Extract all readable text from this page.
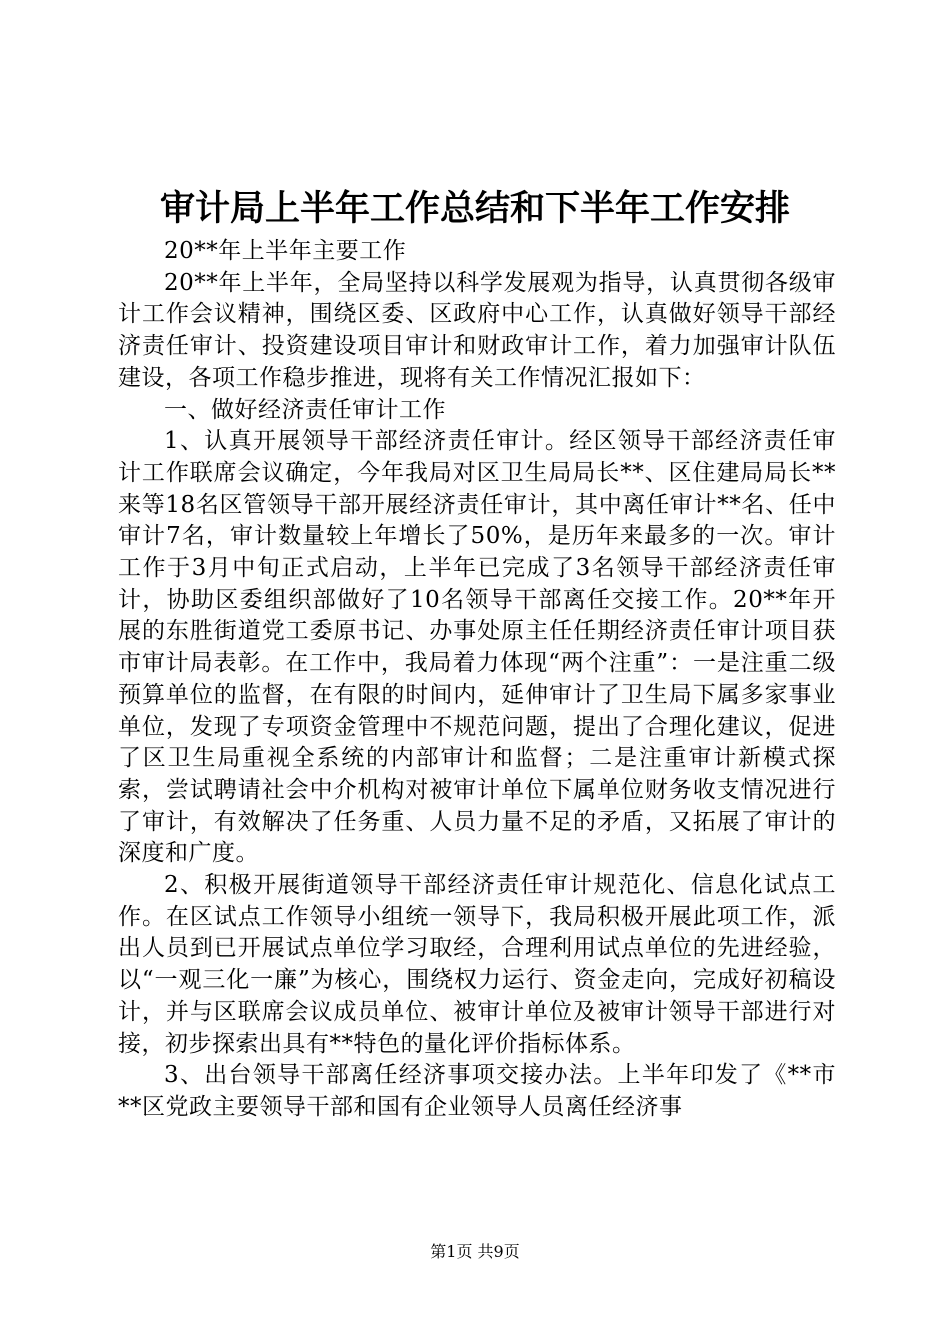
审计局上半年工作总结和下半年工作安排

20**年上半年主要工作

20**年上半年，全局坚持以科学发展观为指导，认真贯彻各级审计工作会议精神，围绕区委、区政府中心工作，认真做好领导干部经济责任审计、投资建设项目审计和财政审计工作，着力加强审计队伍建设，各项工作稳步推进，现将有关工作情况汇报如下：

一、做好经济责任审计工作

1、认真开展领导干部经济责任审计。经区领导干部经济责任审计工作联席会议确定，今年我局对区卫生局局长**、区住建局局长**来等18名区管领导干部开展经济责任审计，其中离任审计**名、任中审计7名，审计数量较上年增长了50%，是历年来最多的一次。审计工作于3月中旬正式启动，上半年已完成了3名领导干部经济责任审计，协助区委组织部做好了10名领导干部离任交接工作。20**年开展的东胜街道党工委原书记、办事处原主任任期经济责任审计项目获市审计局表彰。在工作中，我局着力体现“两个注重”：一是注重二级预算单位的监督，在有限的时间内，延伸审计了卫生局下属多家事业单位，发现了专项资金管理中不规范问题，提出了合理化建议，促进了区卫生局重视全系统的内部审计和监督；二是注重审计新模式探索，尝试聘请社会中介机构对被审计单位下属单位财务收支情况进行了审计，有效解决了任务重、人员力量不足的矛盾，又拓展了审计的深度和广度。

2、积极开展街道领导干部经济责任审计规范化、信息化试点工作。在区试点工作领导小组统一领导下，我局积极开展此项工作，派出人员到已开展试点单位学习取经，合理利用试点单位的先进经验，以“一观三化一廉”为核心，围绕权力运行、资金走向，完成好初稿设计，并与区联席会议成员单位、被审计单位及被审计领导干部进行对接，初步探索出具有**特色的量化评价指标体系。

3、出台领导干部离任经济事项交接办法。上半年印发了《**市**区党政主要领导干部和国有企业领导人员离任经济事

第1页 共9页
